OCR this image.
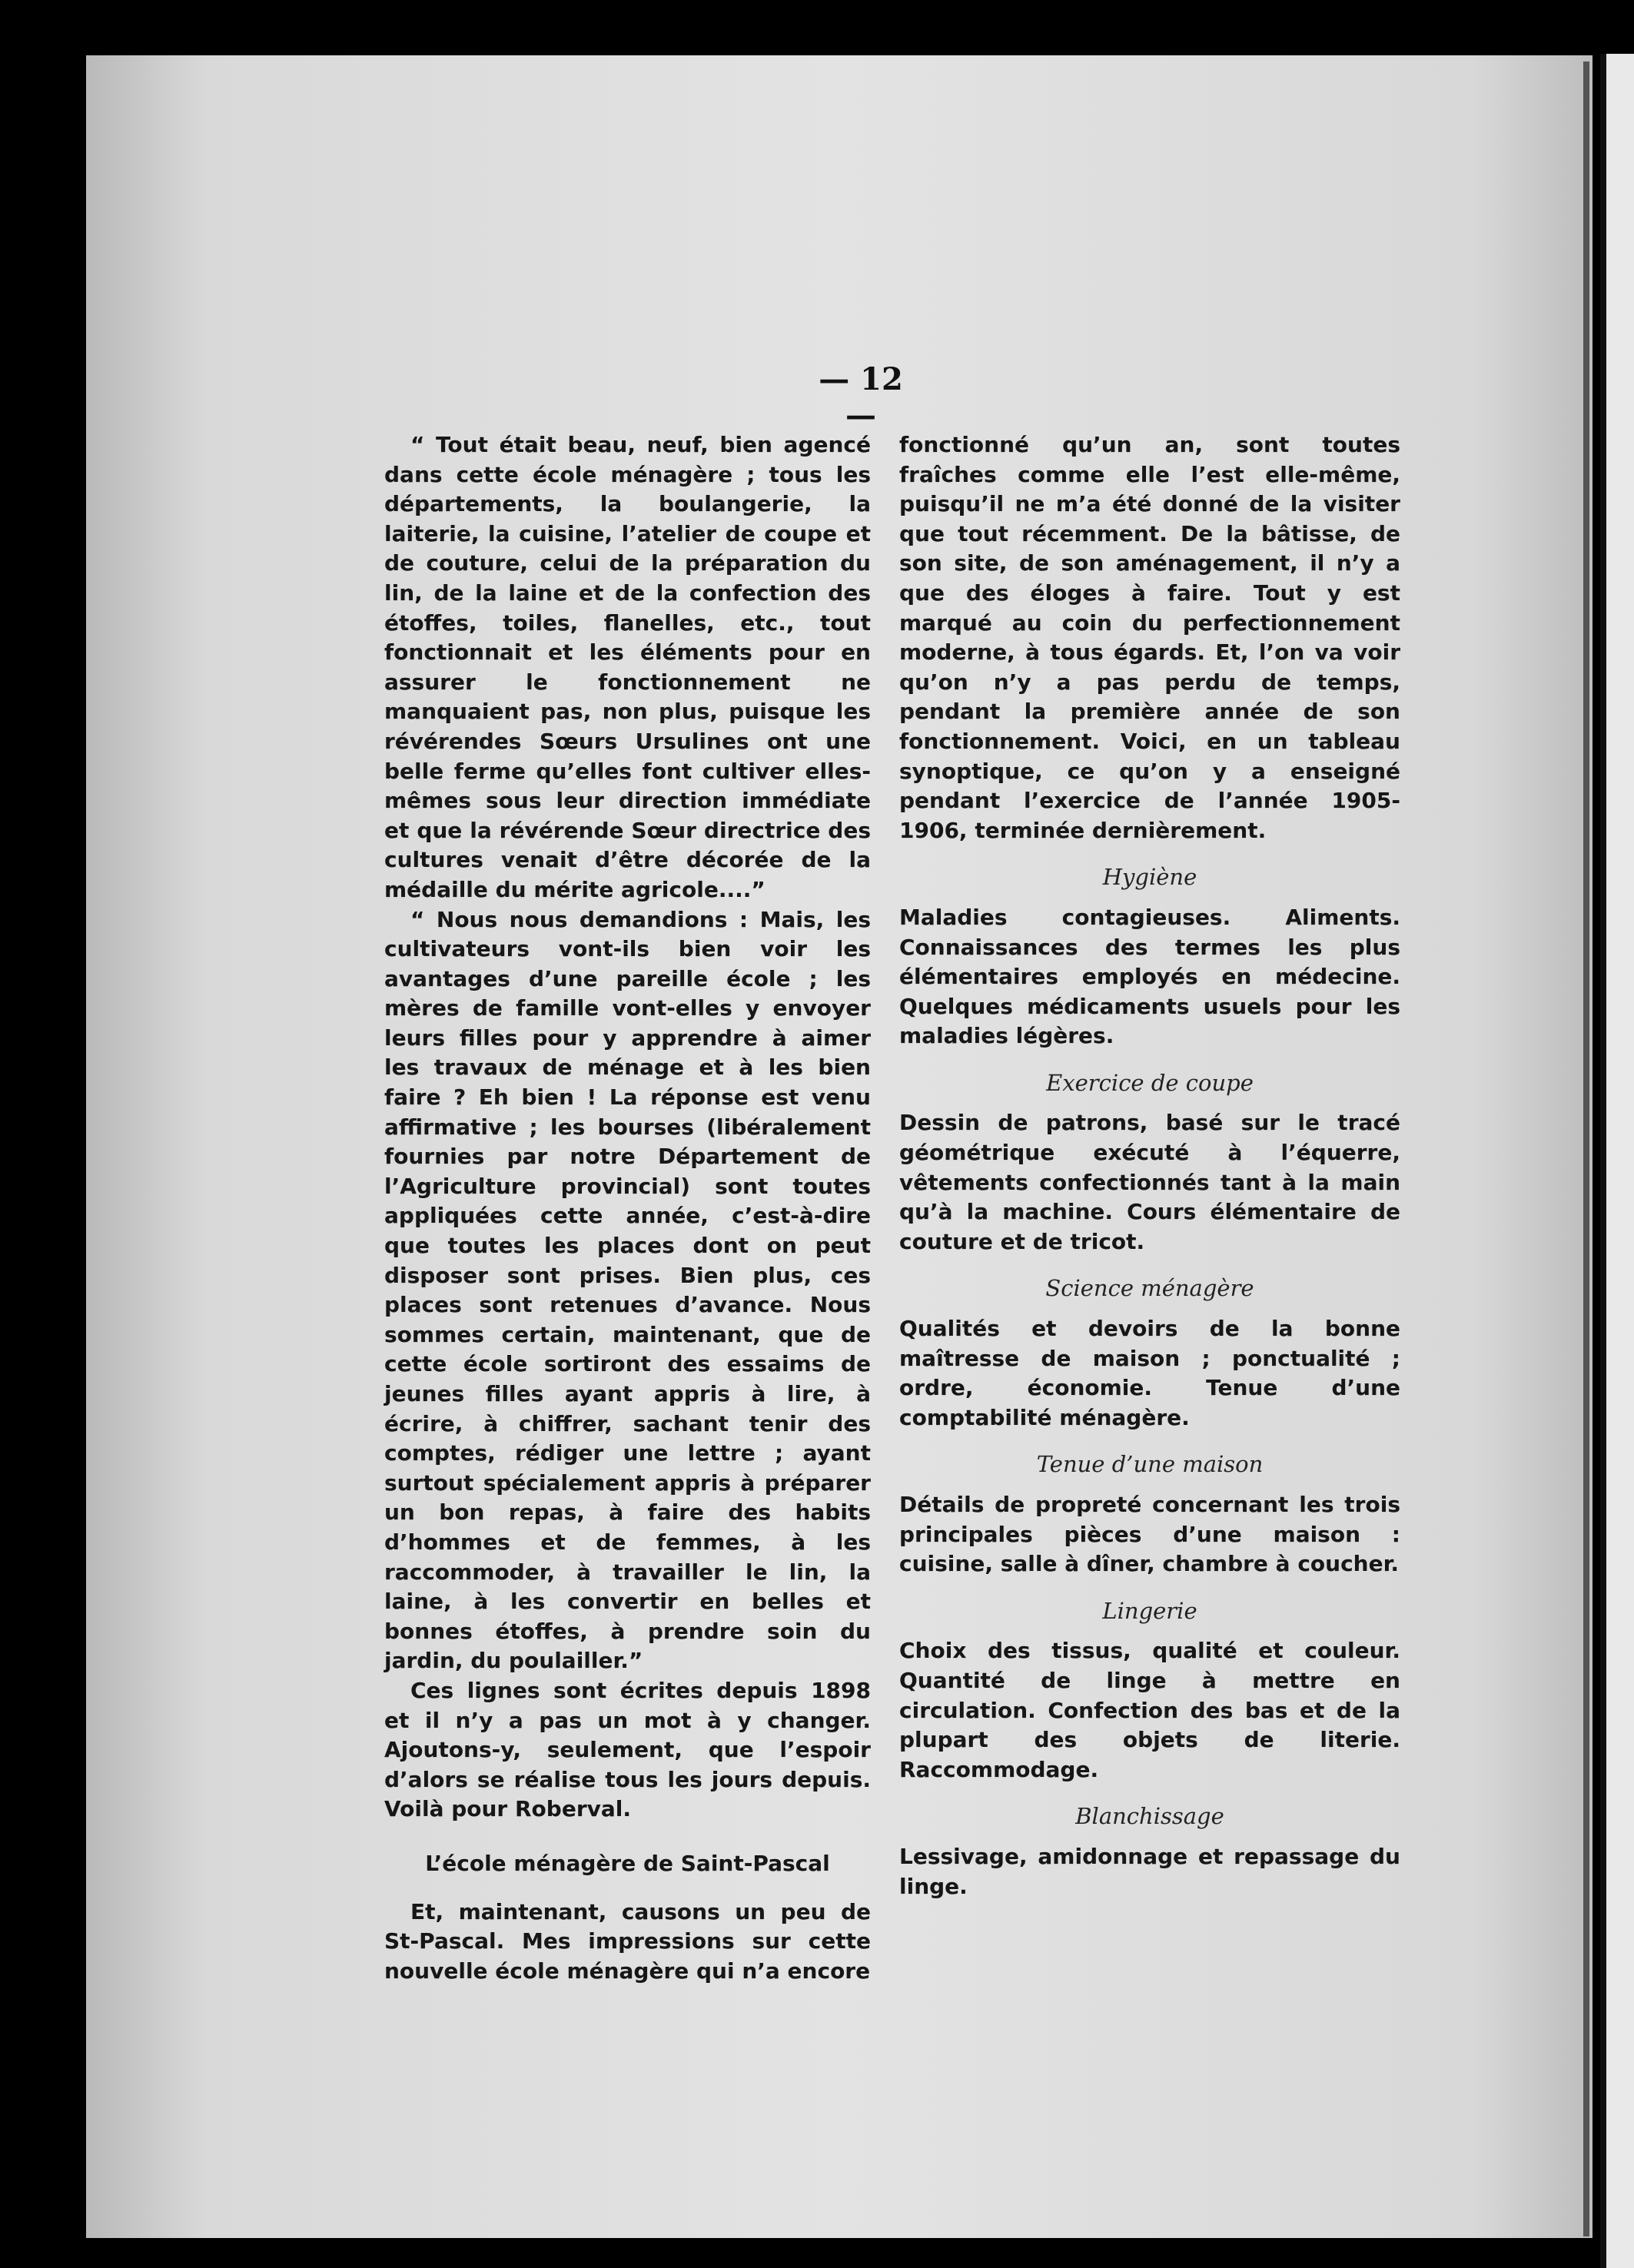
— 12 —

“ Tout était beau, neuf, bien agencé dans cette école ménagère ; tous les départements, la boulangerie, la laiterie, la cuisine, l’atelier de coupe et de couture, celui de la préparation du lin, de la laine et de la confection des étoffes, toiles, flanelles, etc., tout fonctionnait et les éléments pour en assurer le fonctionnement ne manquaient pas, non plus, puisque les révérendes Sœurs Ursulines ont une belle ferme qu’elles font cultiver elles-mêmes sous leur direction immédiate et que la révérende Sœur directrice des cultures venait d’être décorée de la médaille du mérite agricole....”

“ Nous nous demandions : Mais, les cultivateurs vont-ils bien voir les avantages d’une pareille école ; les mères de famille vont-elles y envoyer leurs filles pour y apprendre à aimer les travaux de ménage et à les bien faire ? Eh bien ! La réponse est venu affirmative ; les bourses (libéralement fournies par notre Département de l’Agriculture provincial) sont toutes appliquées cette année, c’est-à-dire que toutes les places dont on peut disposer sont prises. Bien plus, ces places sont retenues d’avance. Nous sommes certain, maintenant, que de cette école sortiront des essaims de jeunes filles ayant appris à lire, à écrire, à chiffrer, sachant tenir des comptes, rédiger une lettre ; ayant surtout spécialement appris à préparer un bon repas, à faire des habits d’hommes et de femmes, à les raccommoder, à travailler le lin, la laine, à les convertir en belles et bonnes étoffes, à prendre soin du jardin, du poulailler.”

Ces lignes sont écrites depuis 1898 et il n’y a pas un mot à y changer. Ajoutons-y, seulement, que l’espoir d’alors se réalise tous les jours depuis. Voilà pour Roberval.

L’école ménagère de Saint-Pascal

Et, maintenant, causons un peu de St-Pascal. Mes impressions sur cette nouvelle école ménagère qui n’a encore

fonctionné qu’un an, sont toutes fraîches comme elle l’est elle-même, puisqu’il ne m’a été donné de la visiter que tout récemment. De la bâtisse, de son site, de son aménagement, il n’y a que des éloges à faire. Tout y est marqué au coin du perfectionnement moderne, à tous égards. Et, l’on va voir qu’on n’y a pas perdu de temps, pendant la première année de son fonctionnement. Voici, en un tableau synoptique, ce qu’on y a enseigné pendant l’exercice de l’année 1905-1906, terminée dernièrement.

Hygiène

Maladies contagieuses. Aliments. Connaissances des termes les plus élémentaires employés en médecine. Quelques médicaments usuels pour les maladies légères.

Exercice de coupe

Dessin de patrons, basé sur le tracé géométrique exécuté à l’équerre, vêtements confectionnés tant à la main qu’à la machine. Cours élémentaire de couture et de tricot.

Science ménagère

Qualités et devoirs de la bonne maîtresse de maison ; ponctualité ; ordre, économie. Tenue d’une comptabilité ménagère.

Tenue d’une maison

Détails de propreté concernant les trois principales pièces d’une maison : cuisine, salle à dîner, chambre à coucher.

Lingerie

Choix des tissus, qualité et couleur. Quantité de linge à mettre en circulation. Confection des bas et de la plupart des objets de literie. Raccommodage.

Blanchissage

Lessivage, amidonnage et repassage du linge.
